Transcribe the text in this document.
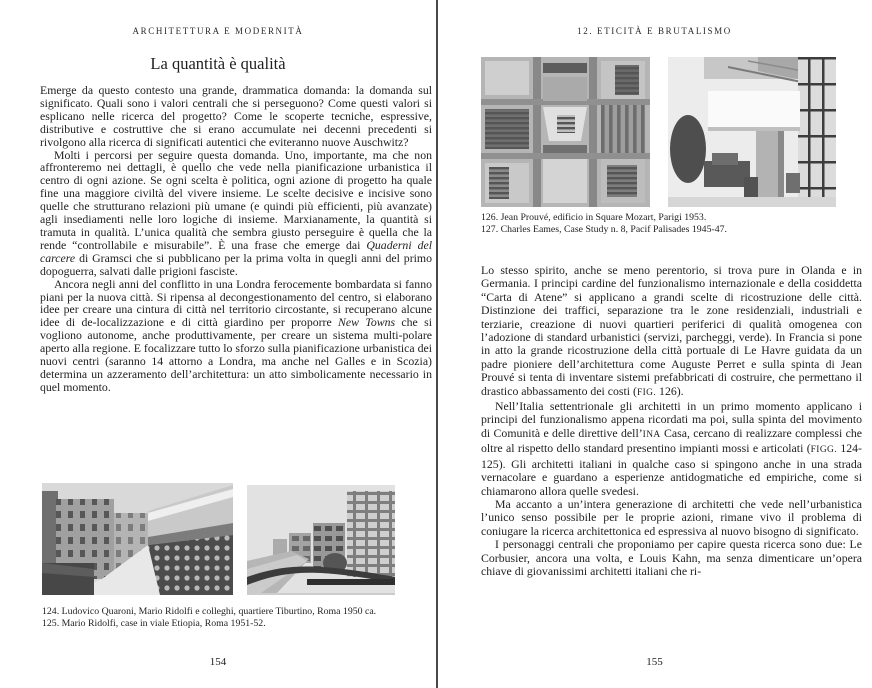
ARCHITETTURA E MODERNITÀ
La quantità è qualità

Emerge da questo contesto una grande, drammatica domanda: la domanda sul significato. Quali sono i valori centrali che si perseguono? Come questi valori si esplicano nelle ricerca del progetto? Come le scoperte tecniche, espressive, distributive e costruttive che si erano accumulate nei decenni precedenti si rivolgono alla ricerca di significati autentici che eviteranno nuove Auschwitz?

Molti i percorsi per seguire questa domanda. Uno, importante, ma che non affronteremo nei dettagli, è quello che vede nella pianificazione urbanistica il centro di ogni azione. Se ogni scelta è politica, ogni azione di progetto ha quale fine una maggiore civiltà del vivere insieme. Le scelte decisive e incisive sono quelle che strutturano relazioni più umane (e quindi più efficienti, più avanzate) agli insediamenti nelle loro logiche di insieme. Marxianamente, la quantità si tramuta in qualità. L’unica qualità che sembra giusto perseguire è quella che la rende “controllabile e misurabile”. È una frase che emerge dai Quaderni del carcere di Gramsci che si pubblicano per la prima volta in quegli anni del primo dopoguerra, salvati dalle prigioni fasciste.

Ancora negli anni del conflitto in una Londra ferocemente bombardata si fanno piani per la nuova città. Si ripensa al decongestionamento del centro, si elaborano idee per creare una cintura di città nel territorio circostante, si recuperano alcune idee di de-localizzazione e di città giardino per proporre New Towns che si vogliono autonome, anche produttivamente, per creare un sistema multi-polare aperto alla regione. E focalizzare tutto lo sforzo sulla pianificazione urbanistica dei nuovi centri (saranno 14 attorno a Londra, ma anche nel Galles e in Scozia) determina un azzeramento dell’architettura: un atto simbolicamente necessario in quel momento.

124. Ludovico Quaroni, Mario Ridolfi e colleghi, quartiere Tiburtino, Roma 1950 ca.
125. Mario Ridolfi, case in viale Etiopia, Roma 1951-52.
154
12. ETICITÀ E BRUTALISMO
126. Jean Prouvé, edificio in Square Mozart, Parigi 1953.
127. Charles Eames, Case Study n. 8, Pacif Palisades 1945-47.

Lo stesso spirito, anche se meno perentorio, si trova pure in Olanda e in Germania. I principi cardine del funzionalismo internazionale e della cosiddetta “Carta di Atene” si applicano a grandi scelte di ricostruzione delle città. Distinzione dei traffici, separazione tra le zone residenziali, industriali e terziarie, creazione di nuovi quartieri periferici di qualità omogenea con l’adozione di standard urbanistici (servizi, parcheggi, verde). In Francia si pone in atto la grande ricostruzione della città portuale di Le Havre guidata da un padre pioniere dell’architettura come Auguste Perret e sulla spinta di Jean Prouvé si tenta di inventare sistemi prefabbricati di costruire, che permettano il drastico abbassamento dei costi (FIG. 126).

Nell’Italia settentrionale gli architetti in un primo momento applicano i principi del funzionalismo appena ricordati ma poi, sulla spinta del movimento di Comunità e delle direttive dell’INA Casa, cercano di realizzare complessi che oltre al rispetto dello standard presentino impianti mossi e articolati (FIGG. 124-125). Gli architetti italiani in qualche caso si spingono anche in una strada vernacolare e guardano a esperienze antidogmatiche ed empiriche, come si chiamarono allora quelle svedesi.

Ma accanto a un’intera generazione di architetti che vede nell’urbanistica l’unico senso possibile per le proprie azioni, rimane vivo il problema di coniugare la ricerca architettonica ed espressiva al nuovo bisogno di significato.

I personaggi centrali che proponiamo per capire questa ricerca sono due: Le Corbusier, ancora una volta, e Louis Kahn, ma senza dimenticare un’opera chiave di giovanissimi architetti italiani che ri-

155
